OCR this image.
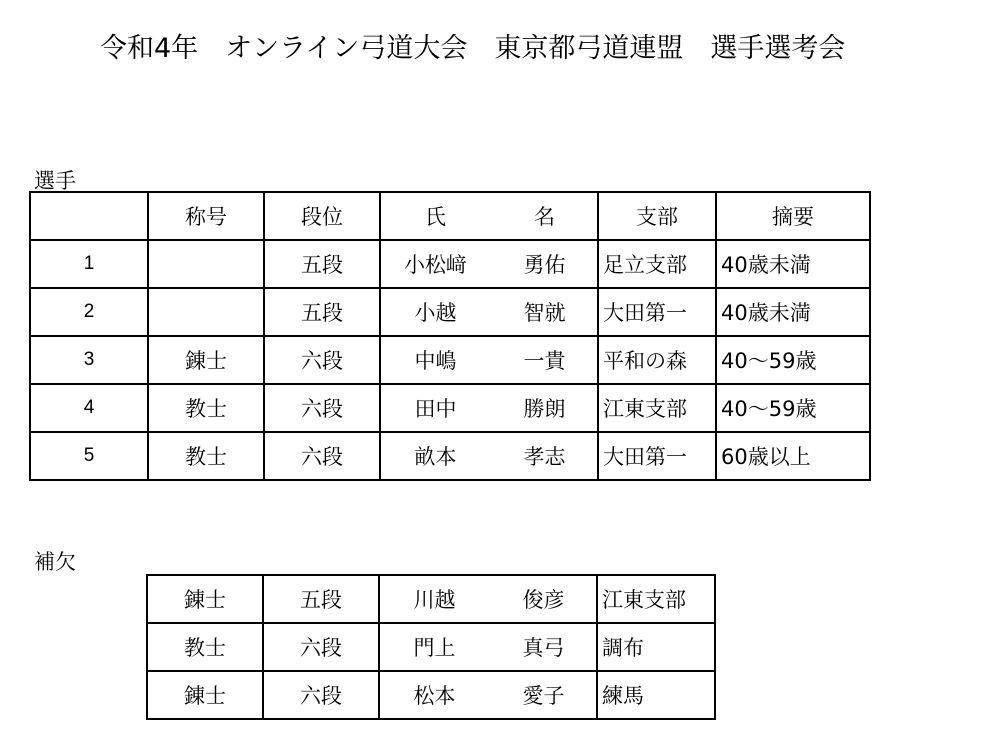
令和4年　オンライン弓道大会　東京都弓道連盟　選手選考会
選手
	称号	段位	氏 名	支部	摘要
1		五段	小松﨑 勇佑	足立支部	40歳未満
2		五段	小越 智就	大田第一	40歳未満
3	錬士	六段	中嶋 一貴	平和の森	40～59歳
4	教士	六段	田中 勝朗	江東支部	40～59歳
5	教士	六段	畝本 孝志	大田第一	60歳以上
補欠
錬士	五段	川越 俊彦	江東支部
教士	六段	門上 真弓	調布
錬士	六段	松本 愛子	練馬
